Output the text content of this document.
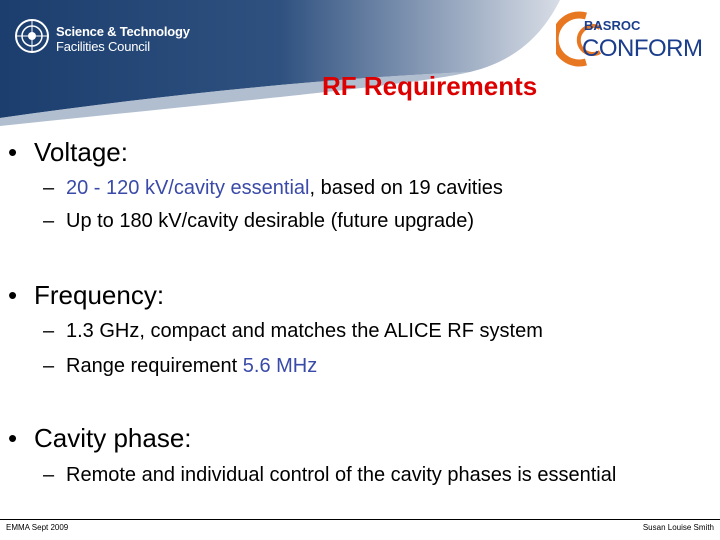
Science & Technology
Facilities Council
BASROC
CONFORM
RF Requirements
• Voltage:
– 20 - 120 kV/cavity essential, based on 19 cavities
– Up to 180 kV/cavity desirable (future upgrade)
• Frequency:
– 1.3 GHz, compact and matches the ALICE RF system
– Range requirement 5.6 MHz
• Cavity phase:
– Remote and individual control of the cavity phases is essential
EMMA Sept 2009	Susan Louise Smith
